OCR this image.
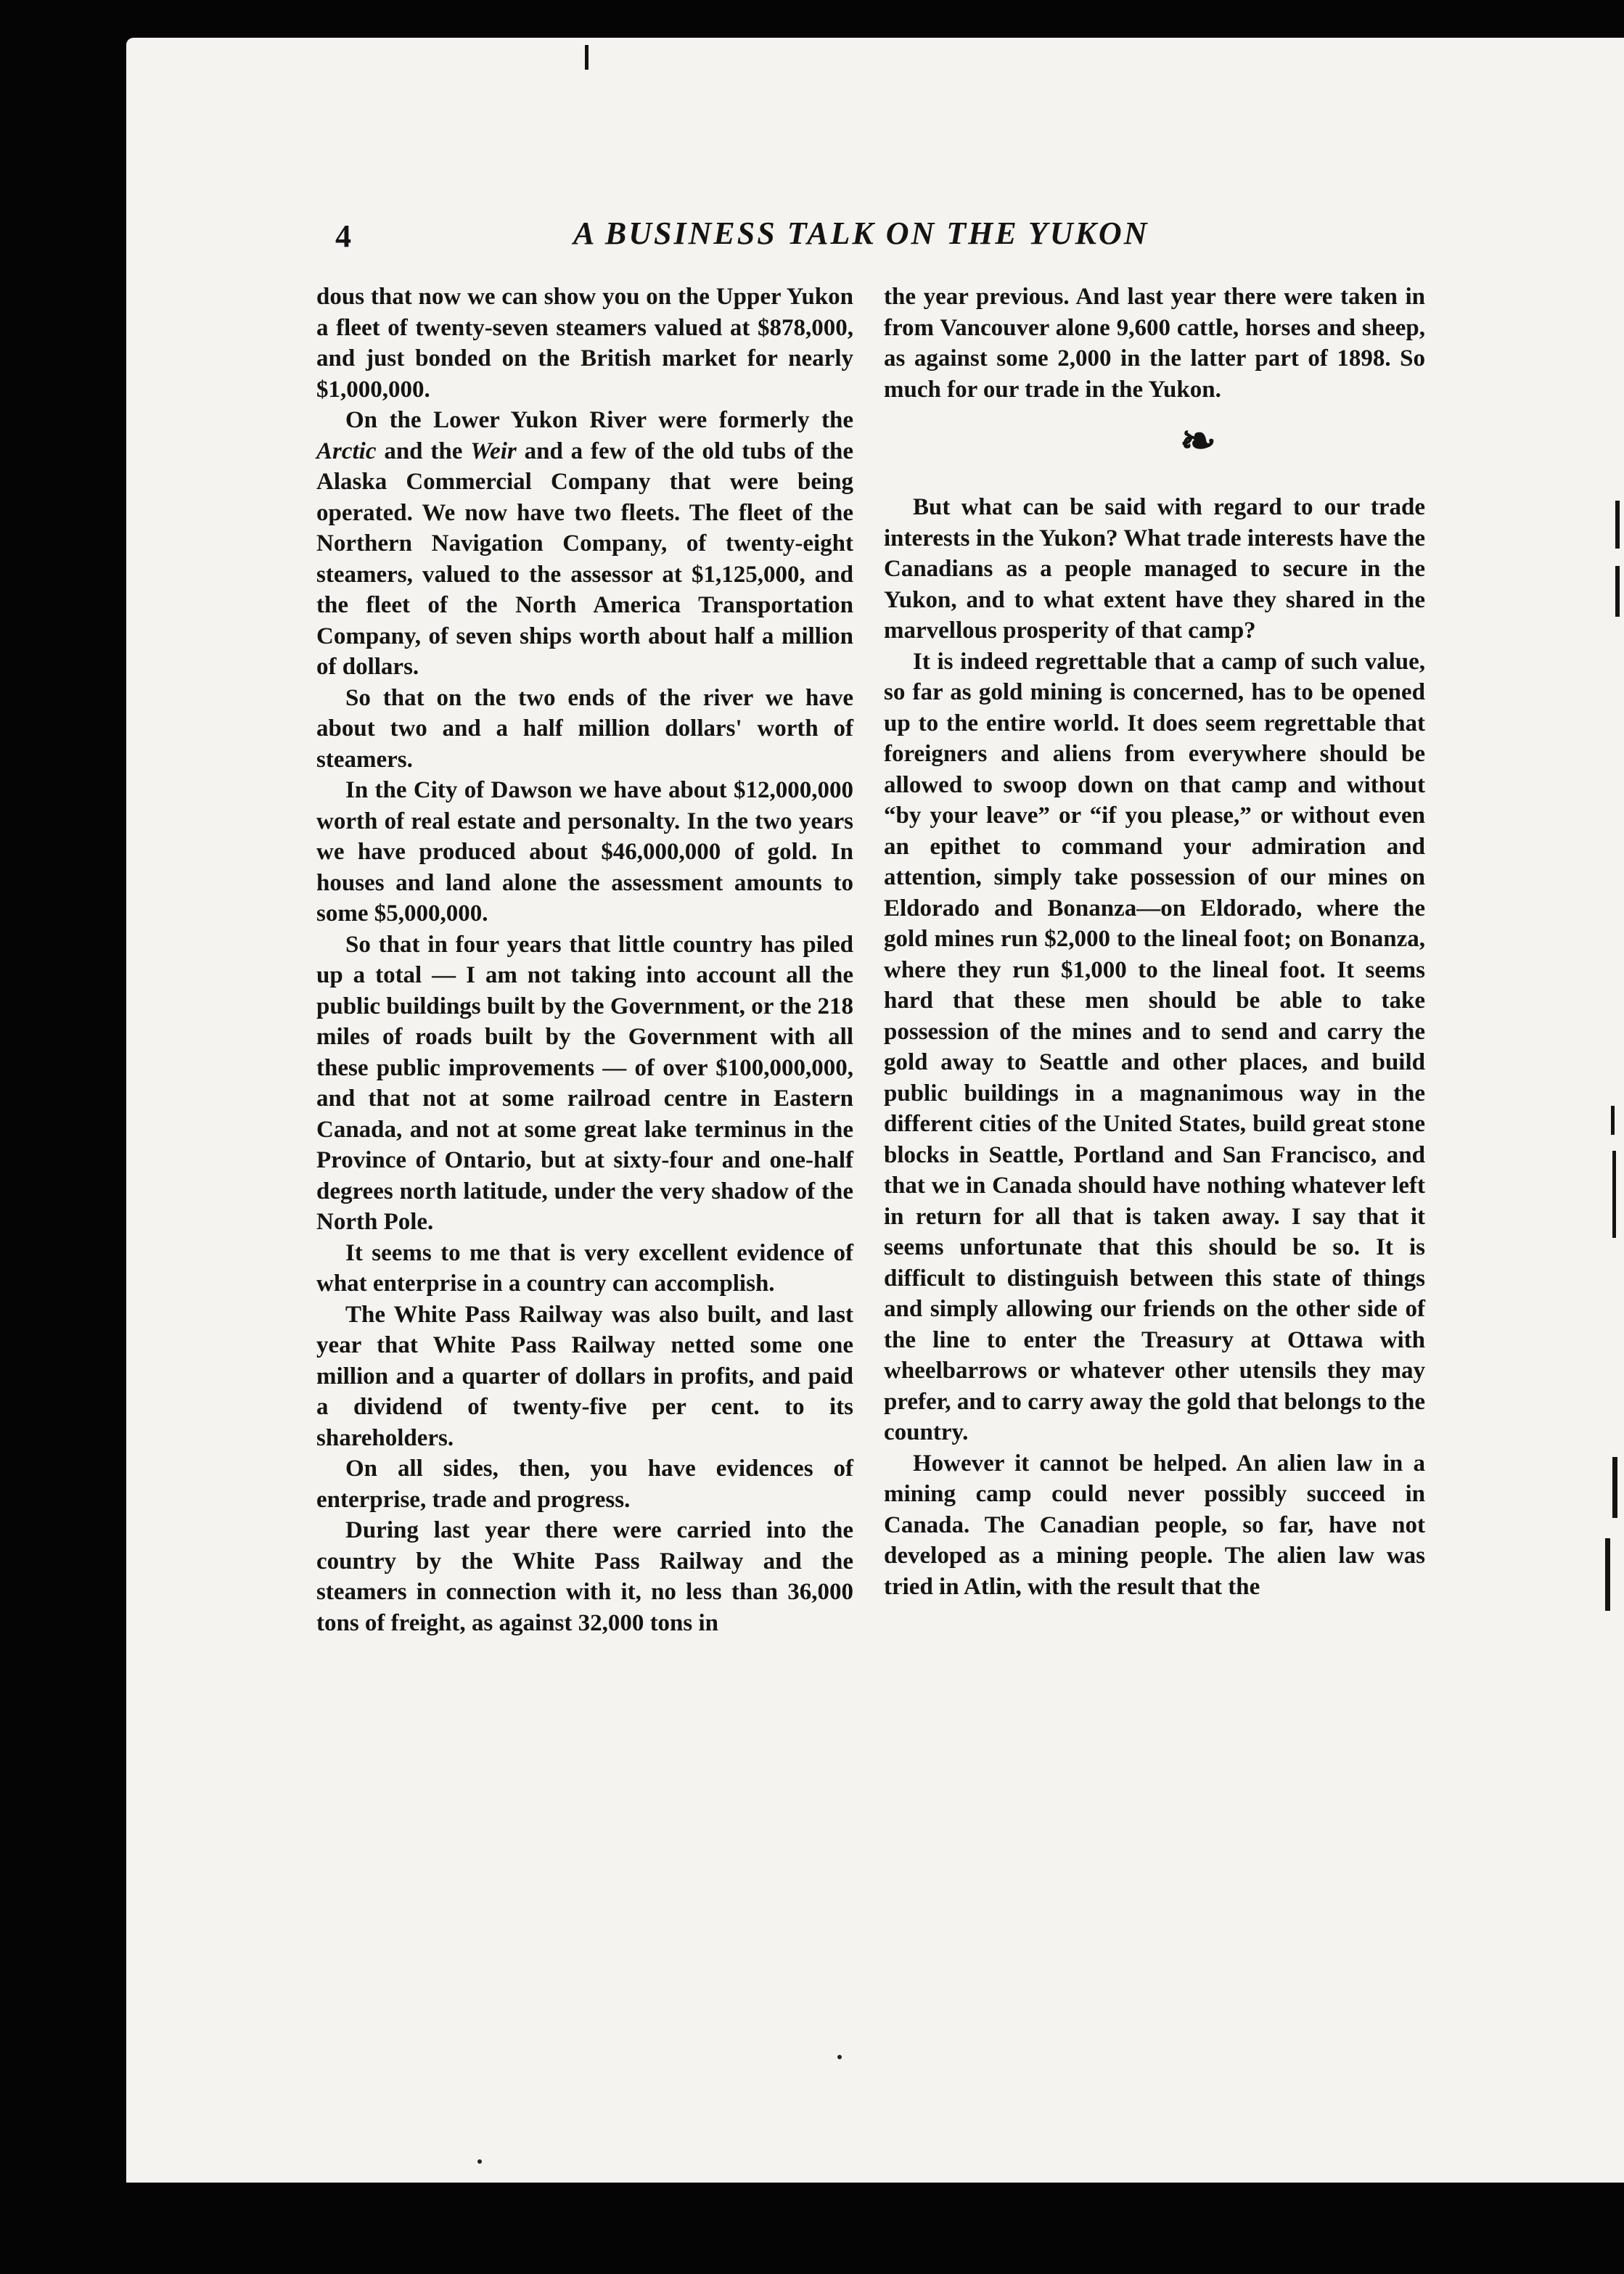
4	A BUSINESS TALK ON THE YUKON

dous that now we can show you on the Upper Yukon a fleet of twenty-seven steamers valued at $878,000, and just bonded on the British market for nearly $1,000,000.

On the Lower Yukon River were formerly the Arctic and the Weir and a few of the old tubs of the Alaska Commercial Company that were being operated. We now have two fleets. The fleet of the Northern Navigation Company, of twenty-eight steamers, valued to the assessor at $1,125,000, and the fleet of the North America Transportation Company, of seven ships worth about half a million of dollars.

So that on the two ends of the river we have about two and a half million dollars' worth of steamers.

In the City of Dawson we have about $12,000,000 worth of real estate and personalty. In the two years we have produced about $46,000,000 of gold. In houses and land alone the assessment amounts to some $5,000,000.

So that in four years that little country has piled up a total — I am not taking into account all the public buildings built by the Government, or the 218 miles of roads built by the Government with all these public improvements — of over $100,000,000, and that not at some railroad centre in Eastern Canada, and not at some great lake terminus in the Province of Ontario, but at sixty-four and one-half degrees north latitude, under the very shadow of the North Pole.

It seems to me that is very excellent evidence of what enterprise in a country can accomplish.

The White Pass Railway was also built, and last year that White Pass Railway netted some one million and a quarter of dollars in profits, and paid a dividend of twenty-five per cent. to its shareholders.

On all sides, then, you have evidences of enterprise, trade and progress.

During last year there were carried into the country by the White Pass Railway and the steamers in connection with it, no less than 36,000 tons of freight, as against 32,000 tons in

the year previous. And last year there were taken in from Vancouver alone 9,600 cattle, horses and sheep, as against some 2,000 in the latter part of 1898. So much for our trade in the Yukon.

❧

But what can be said with regard to our trade interests in the Yukon? What trade interests have the Canadians as a people managed to secure in the Yukon, and to what extent have they shared in the marvellous prosperity of that camp?

It is indeed regrettable that a camp of such value, so far as gold mining is concerned, has to be opened up to the entire world. It does seem regrettable that foreigners and aliens from everywhere should be allowed to swoop down on that camp and without “by your leave” or “if you please,” or without even an epithet to command your admiration and attention, simply take possession of our mines on Eldorado and Bonanza—on Eldorado, where the gold mines run $2,000 to the lineal foot; on Bonanza, where they run $1,000 to the lineal foot. It seems hard that these men should be able to take possession of the mines and to send and carry the gold away to Seattle and other places, and build public buildings in a magnanimous way in the different cities of the United States, build great stone blocks in Seattle, Portland and San Francisco, and that we in Canada should have nothing whatever left in return for all that is taken away. I say that it seems unfortunate that this should be so. It is difficult to distinguish between this state of things and simply allowing our friends on the other side of the line to enter the Treasury at Ottawa with wheelbarrows or whatever other utensils they may prefer, and to carry away the gold that belongs to the country.

However it cannot be helped. An alien law in a mining camp could never possibly succeed in Canada. The Canadian people, so far, have not developed as a mining people. The alien law was tried in Atlin, with the result that the
